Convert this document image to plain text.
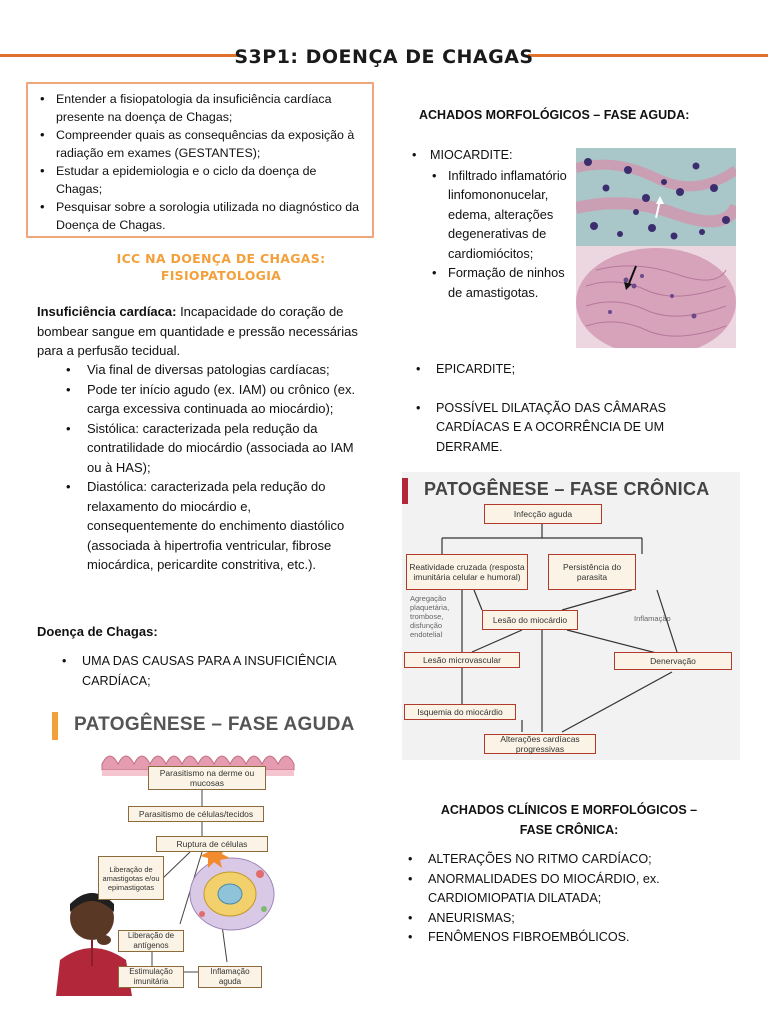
S3P1: DOENÇA DE CHAGAS
• Entender a fisiopatologia da insuficiência cardíaca presente na doença de Chagas;
• Compreender quais as consequências da exposição à radiação em exames (GESTANTES);
• Estudar a epidemiologia e o ciclo da doença de Chagas;
• Pesquisar sobre a sorologia utilizada no diagnóstico da Doença de Chagas.
ICC NA DOENÇA DE CHAGAS:
FISIOPATOLOGIA
Insuficiência cardíaca: Incapacidade do coração de bombear sangue em quantidade e pressão necessárias para a perfusão tecidual.
• Via final de diversas patologias cardíacas;
• Pode ter início agudo (ex. IAM) ou crônico (ex. carga excessiva continuada ao miocárdio);
• Sistólica: caracterizada pela redução da contratilidade do miocárdio (associada ao IAM ou à HAS);
• Diastólica: caracterizada pela redução do relaxamento do miocárdio e, consequentemente do enchimento diastólico (associada à hipertrofia ventricular, fibrose miocárdica, pericardite constritiva, etc.).
Doença de Chagas:
• UMA DAS CAUSAS PARA A INSUFICIÊNCIA CARDÍACA;
PATOGÊNESE – FASE AGUDA
Parasitismo na derme ou mucosas
Parasitismo de células/tecidos
Ruptura de células
Liberação de amastigotas e/ou epimastigotas
Liberação de antígenos
Estimulação imunitária
Inflamação aguda
ACHADOS MORFOLÓGICOS – FASE AGUDA:
• MIOCARDITE:
• Infiltrado inflamatório linfomononucelar, edema, alterações degenerativas de cardiomiócitos;
• Formação de ninhos de amastigotas.
• EPICARDITE;
• POSSÍVEL DILATAÇÃO DAS CÂMARAS CARDÍACAS E A OCORRÊNCIA DE UM DERRAME.
PATOGÊNESE – FASE CRÔNICA
Infecção aguda
Reatividade cruzada (resposta imunitária celular e humoral)
Persistência do parasita
Lesão do miocárdio
Lesão microvascular	Denervação
Isquemia do miocárdio
Alterações cardíacas progressivas
Agregação plaquetária, trombose, disfunção endotelial
Inflamação
ACHADOS CLÍNICOS E MORFOLÓGICOS –
FASE CRÔNICA:
• ALTERAÇÕES NO RITMO CARDÍACO;
• ANORMALIDADES DO MIOCÁRDIO, ex. CARDIOMIOPATIA DILATADA;
• ANEURISMAS;
• FENÔMENOS FIBROEMBÓLICOS.
